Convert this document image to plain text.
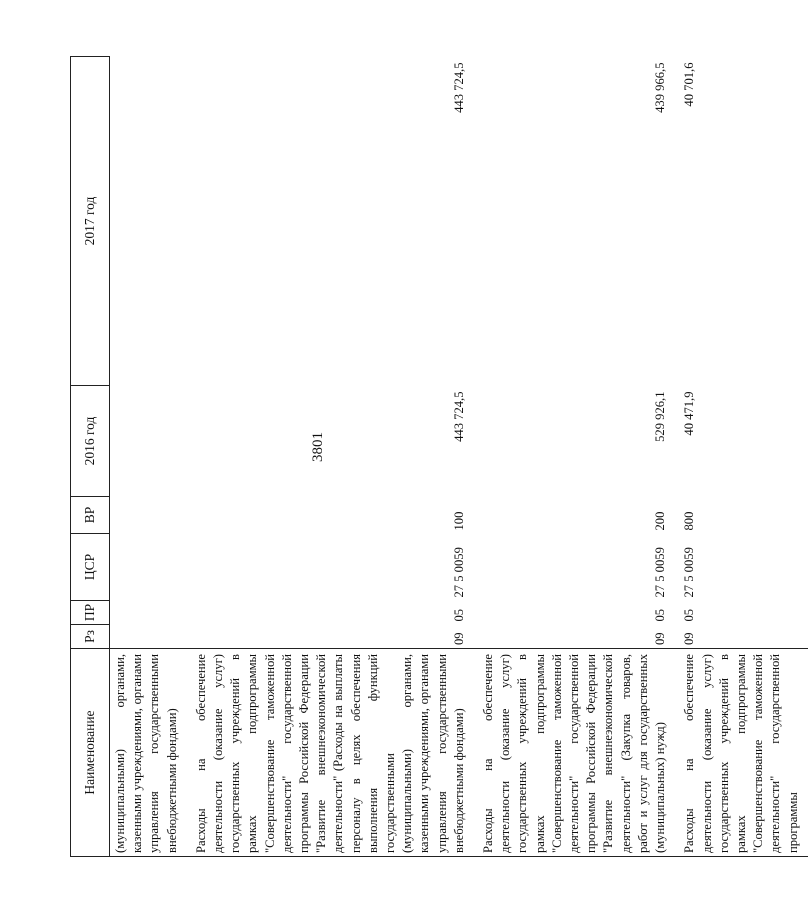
3801
Наименование	Рз	ПР	ЦСР	ВР	2016 год	2017 год
(муниципальными) органами, казенными учреждениями, органами управления государственными внебюджетными фондами)						
Расходы на обеспечение деятельности (оказание услуг) государственных учреждений в рамках подпрограммы "Совершенствование таможенной деятельности" государственной программы Российской Федерации "Развитие внешнеэкономической деятельности" (Расходы на выплаты персоналу в целях обеспечения выполнения функций государственными (муниципальными) органами, казенными учреждениями, органами управления государственными внебюджетными фондами)	09	05	27 5 0059	100	443 724,5	443 724,5
Расходы на обеспечение деятельности (оказание услуг) государственных учреждений в рамках подпрограммы "Совершенствование таможенной деятельности" государственной программы Российской Федерации "Развитие внешнеэкономической деятельности" (Закупка товаров, работ и услуг для государственных (муниципальных) нужд)	09	05	27 5 0059	200	529 926,1	439 966,5
Расходы на обеспечение деятельности (оказание услуг) государственных учреждений в рамках подпрограммы "Совершенствование таможенной деятельности" государственной программы	09	05	27 5 0059	800	40 471,9	40 701,6
